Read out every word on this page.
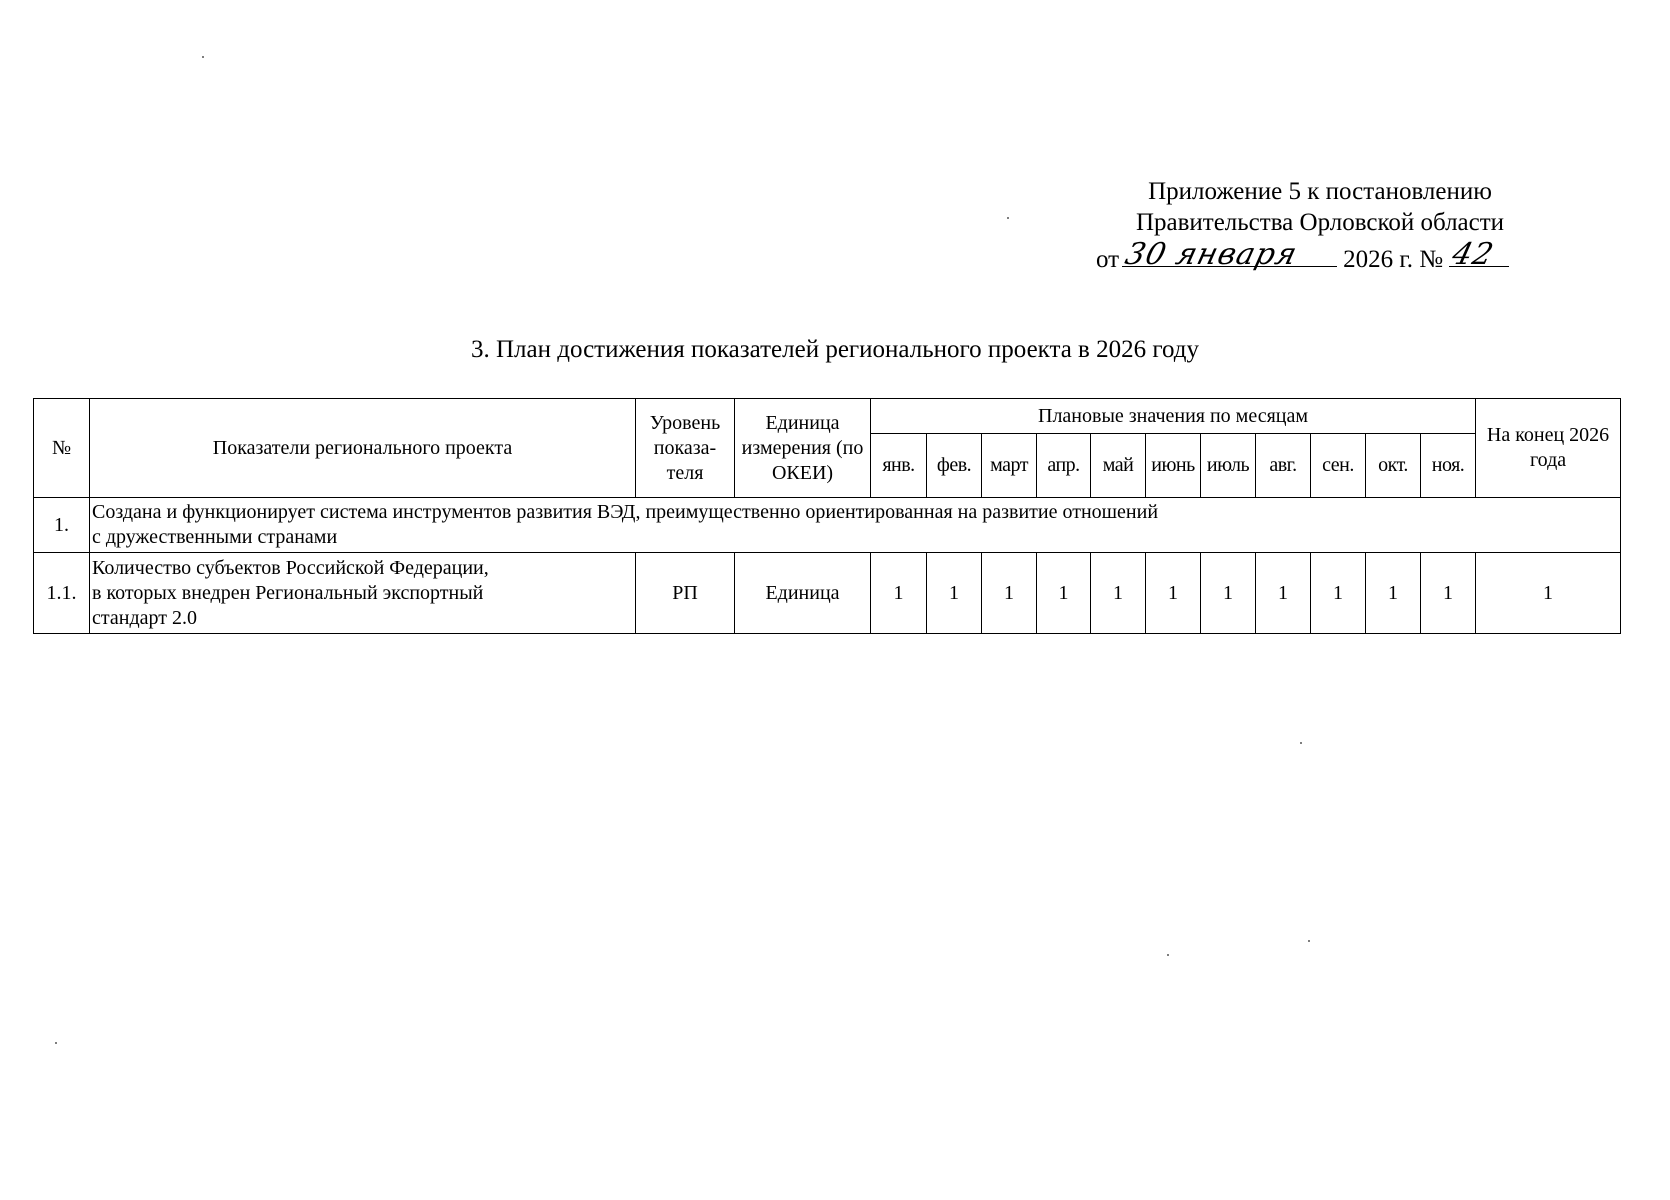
Приложение 5 к постановлению
Правительства Орловской области
от 30 января 2026 г. № 42
3. План достижения показателей регионального проекта в 2026 году
№	Показатели регионального проекта	Уровень показа-теля	Единица измерения (по ОКЕИ)	Плановые значения по месяцам											На конец 2026 года
				янв.	фев.	март	апр.	май	июнь	июль	авг.	сен.	окт.	ноя.	
1.	Создана и функционирует система инструментов развития ВЭД, преимущественно ориентированная на развитие отношений
с дружественными странами														

1.1.	Количество субъектов Российской Федерации,
в которых внедрен Региональный экспортный
стандарт 2.0	РП	Единица	1	1	1	1	1	1	1	1	1	1	1	1
